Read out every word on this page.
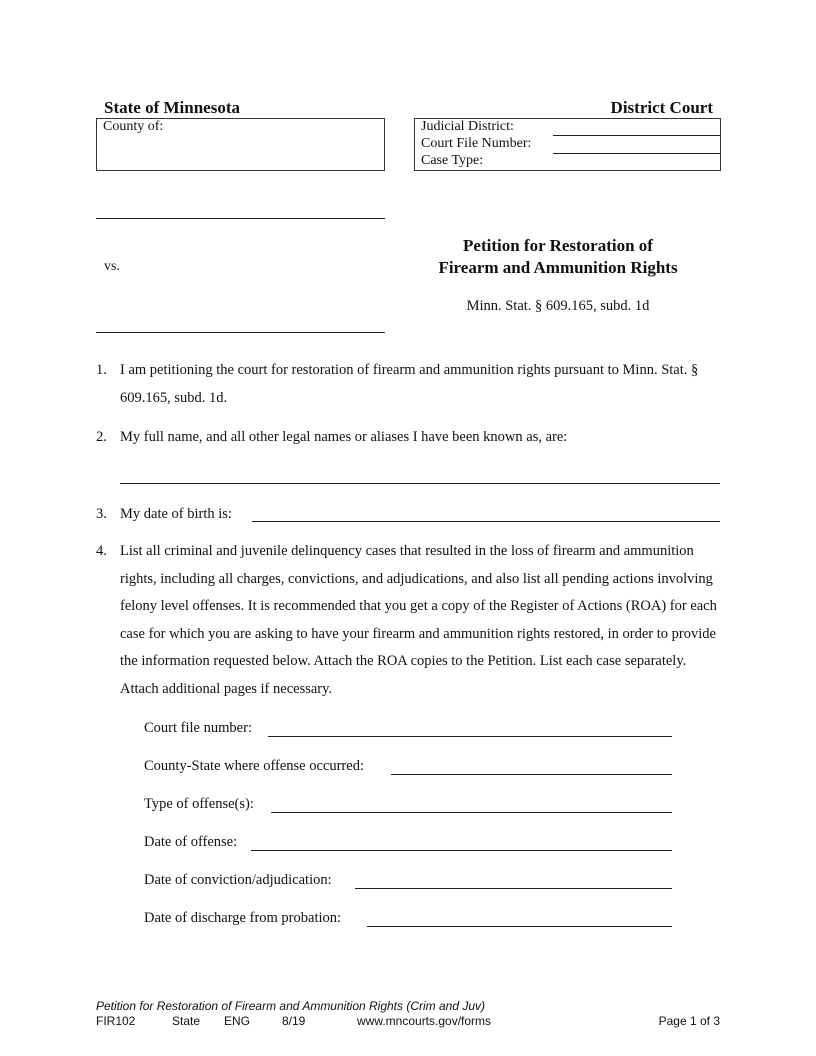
State of Minnesota	District Court
County of:	Judicial District:
Court File Number:
Case Type:
vs.
Petition for Restoration of
Firearm and Ammunition Rights
Minn. Stat. § 609.165, subd. 1d
1. I am petitioning the court for restoration of firearm and ammunition rights pursuant to Minn. Stat. § 609.165, subd. 1d.
2. My full name, and all other legal names or aliases I have been known as, are:
3. My date of birth is:
4. List all criminal and juvenile delinquency cases that resulted in the loss of firearm and ammunition rights, including all charges, convictions, and adjudications, and also list all pending actions involving felony level offenses. It is recommended that you get a copy of the Register of Actions (ROA) for each case for which you are asking to have your firearm and ammunition rights restored, in order to provide the information requested below. Attach the ROA copies to the Petition. List each case separately. Attach additional pages if necessary.
Court file number:
County-State where offense occurred:
Type of offense(s):
Date of offense:
Date of conviction/adjudication:
Date of discharge from probation:
Petition for Restoration of Firearm and Ammunition Rights (Crim and Juv)
FIR102	State ENG	8/19	www.mncourts.gov/forms	Page 1 of 3
